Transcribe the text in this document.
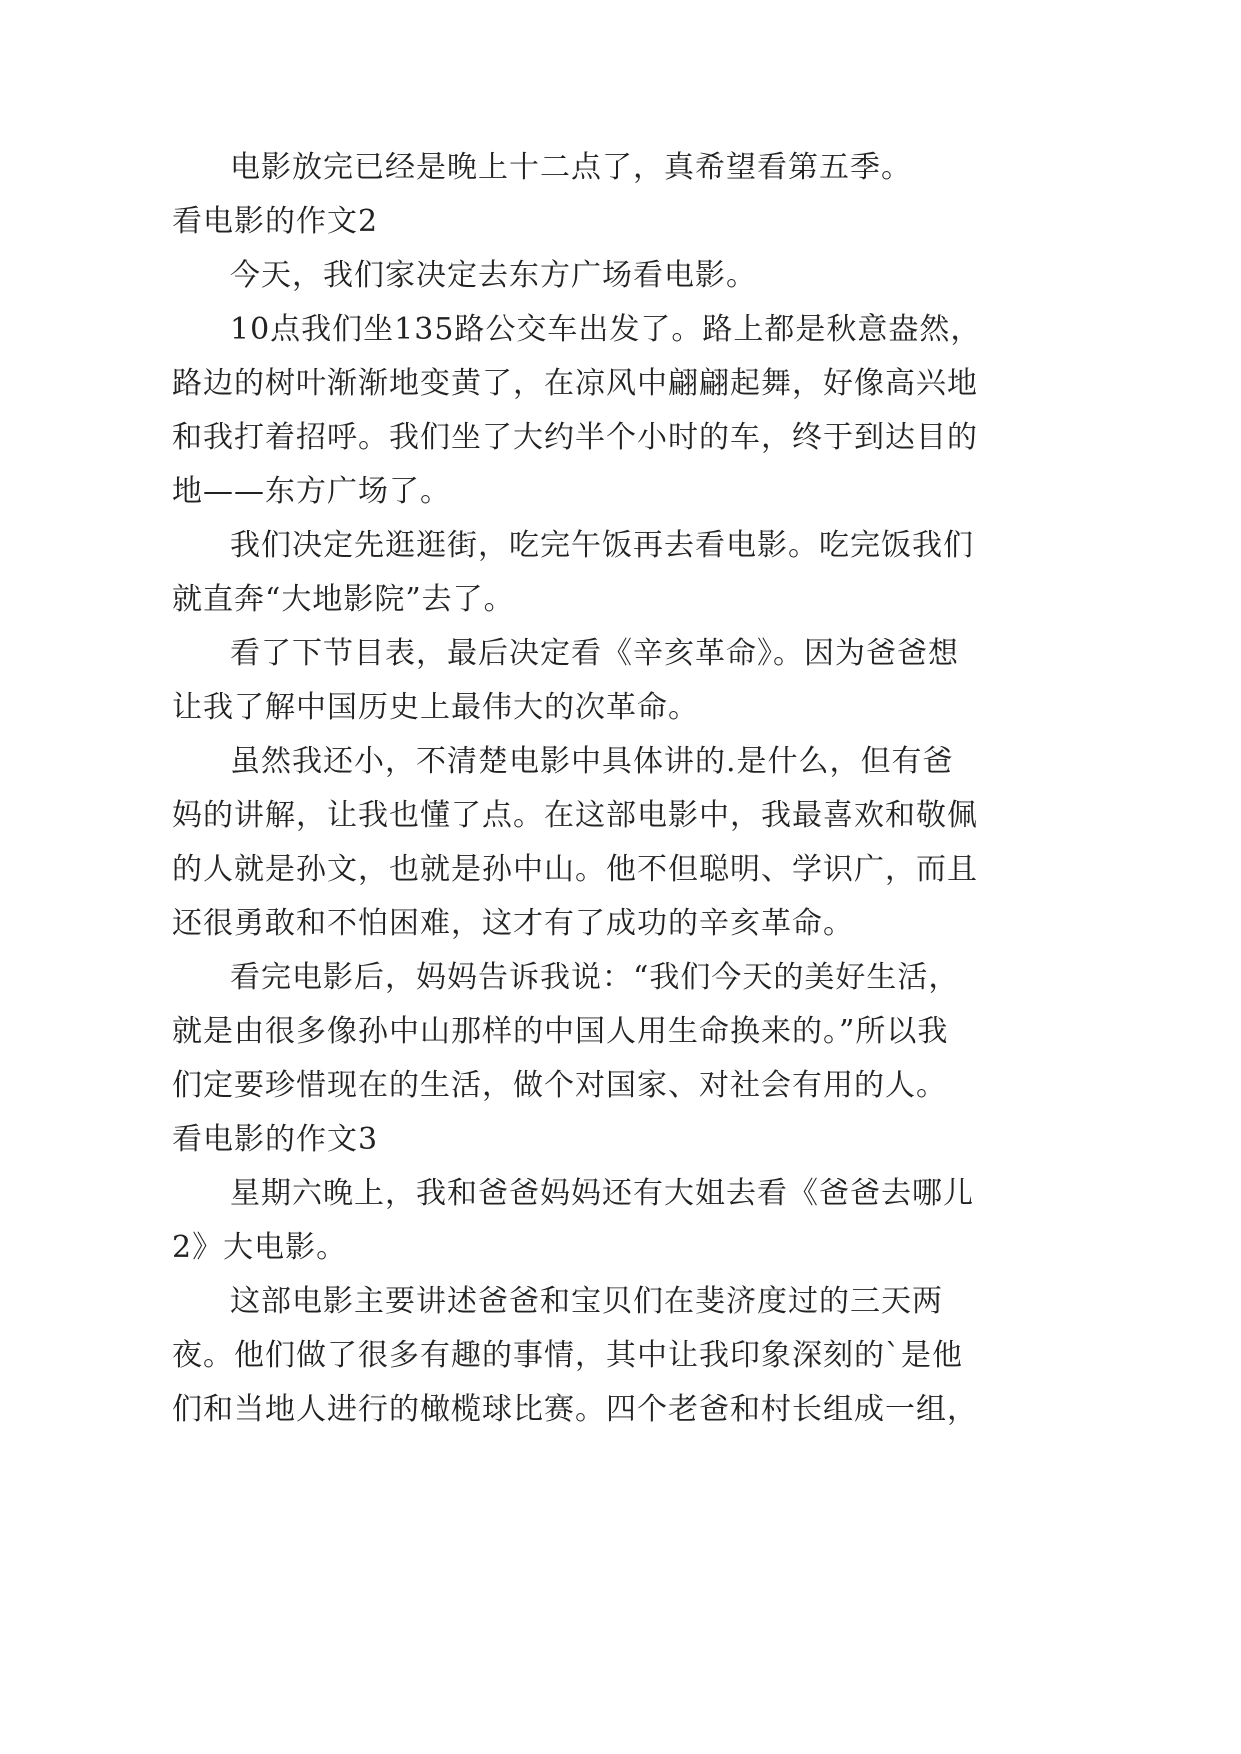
电影放完已经是晚上十二点了，真希望看第五季。
看电影的作文2
今天，我们家决定去东方广场看电影。
10点我们坐135路公交车出发了。路上都是秋意盎然，
路边的树叶渐渐地变黄了，在凉风中翩翩起舞，好像高兴地
和我打着招呼。我们坐了大约半个小时的车，终于到达目的
地——东方广场了。
我们决定先逛逛街，吃完午饭再去看电影。吃完饭我们
就直奔“大地影院”去了。
看了下节目表，最后决定看《辛亥革命》。因为爸爸想
让我了解中国历史上最伟大的次革命。
虽然我还小，不清楚电影中具体讲的.是什么，但有爸
妈的讲解，让我也懂了点。在这部电影中，我最喜欢和敬佩
的人就是孙文，也就是孙中山。他不但聪明、学识广，而且
还很勇敢和不怕困难，这才有了成功的辛亥革命。
看完电影后，妈妈告诉我说：“我们今天的美好生活，
就是由很多像孙中山那样的中国人用生命换来的。”所以我
们定要珍惜现在的生活，做个对国家、对社会有用的人。
看电影的作文3
星期六晚上，我和爸爸妈妈还有大姐去看《爸爸去哪儿
2》大电影。
这部电影主要讲述爸爸和宝贝们在斐济度过的三天两
夜。他们做了很多有趣的事情，其中让我印象深刻的`是他
们和当地人进行的橄榄球比赛。四个老爸和村长组成一组，
